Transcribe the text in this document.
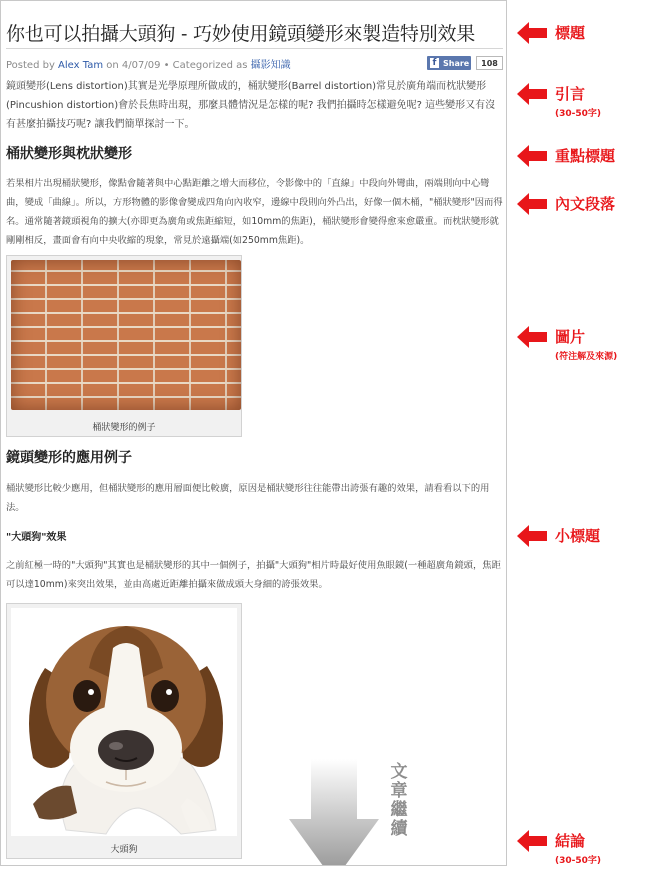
你也可以拍攝大頭狗 - 巧妙使用鏡頭變形來製造特別效果
Posted by Alex Tam on 4/07/09 • Categorized as 攝影知識	f Share	108

鏡頭變形(Lens distortion)其實是光學原理所做成的，桶狀變形(Barrel distortion)常見於廣角端而枕狀變形(Pincushion distortion)會於長焦時出現，那麼具體情況是怎樣的呢? 我們拍攝時怎樣避免呢? 這些變形又有沒有甚麼拍攝技巧呢? 讓我們簡單探討一下。

桶狀變形與枕狀變形

若果相片出現桶狀變形，像點會隨著與中心點距離之增大而移位，令影像中的「直線」中段向外彎曲，兩端則向中心彎曲，變成「曲線」。所以，方形物體的影像會變成四角向內收窄，邊線中段則向外凸出，好像一個木桶，"桶狀變形"因而得名。通常隨著鏡頭視角的擴大(亦即更為廣角或焦距縮短，如10mm的焦距)，桶狀變形會變得愈來愈嚴重。而枕狀變形就剛剛相反，畫面會有向中央收縮的現象，常見於遠攝端(如250mm焦距)。

桶狀變形的例子
鏡頭變形的應用例子

桶狀變形比較少應用，但桶狀變形的應用層面便比較廣，原因是桶狀變形往往能帶出誇張有趣的效果，請看看以下的用法。

"大頭狗"效果

之前紅極一時的"大頭狗"其實也是桶狀變形的其中一個例子，拍攝"大頭狗"相片時最好使用魚眼鏡(一種超廣角鏡頭，焦距可以達10mm)來突出效果，並由高處近距離拍攝來做成頭大身細的誇張效果。

大頭狗
文章繼續
標題
引言
(30-50字)
重點標題
內文段落
圖片
(符注解及來源)
小標題
結論
(30-50字)
